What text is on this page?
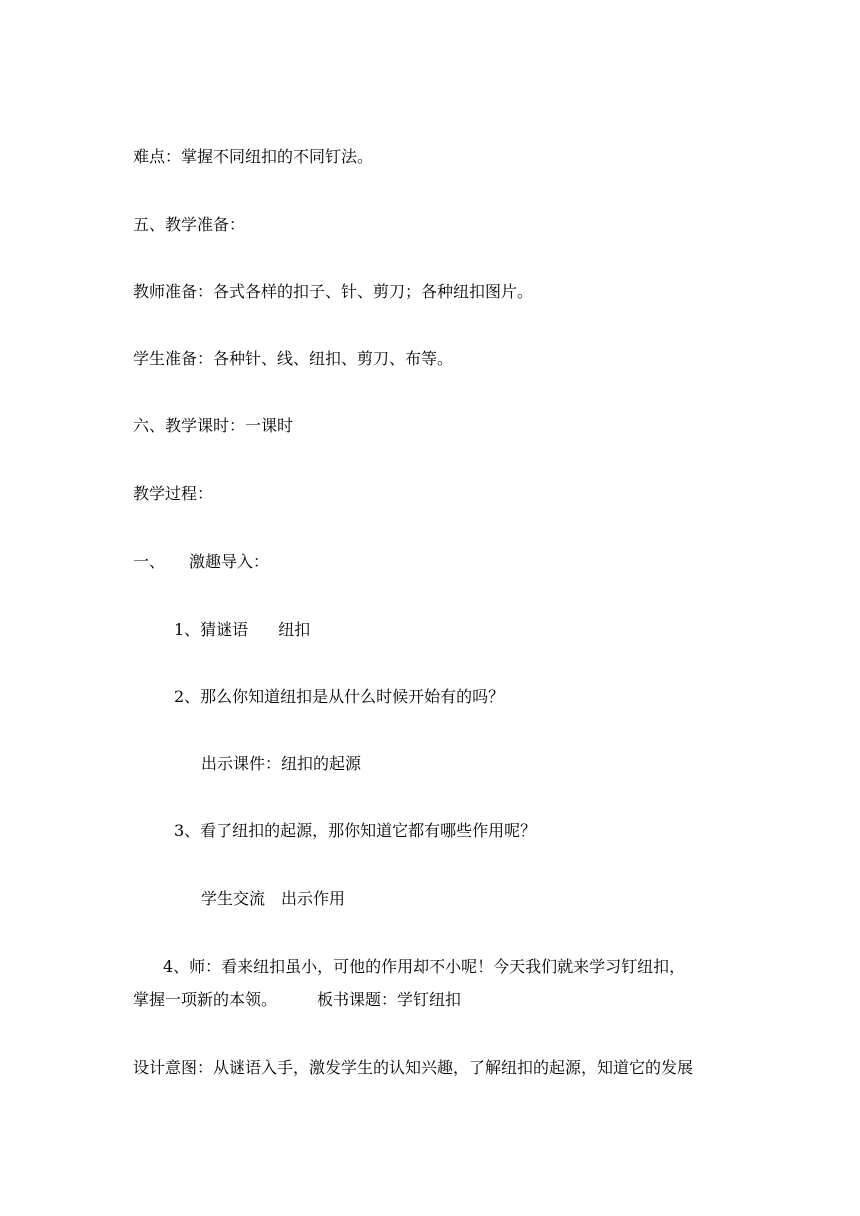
难点：掌握不同纽扣的不同钉法。
五、教学准备：
教师准备：各式各样的扣子、针、剪刀；各种纽扣图片。
学生准备：各种针、线、纽扣、剪刀、布等。
六、教学课时：一课时
教学过程：
一、 激趣导入：
1、猜谜语 纽扣
2、那么你知道纽扣是从什么时候开始有的吗？
出示课件：纽扣的起源
3、看了纽扣的起源，那你知道它都有哪些作用呢？
学生交流 出示作用
4、师：看来纽扣虽小，可他的作用却不小呢！今天我们就来学习钉纽扣，
掌握一项新的本领。	板书课题：学钉纽扣
设计意图：从谜语入手，激发学生的认知兴趣，了解纽扣的起源，知道它的发展
